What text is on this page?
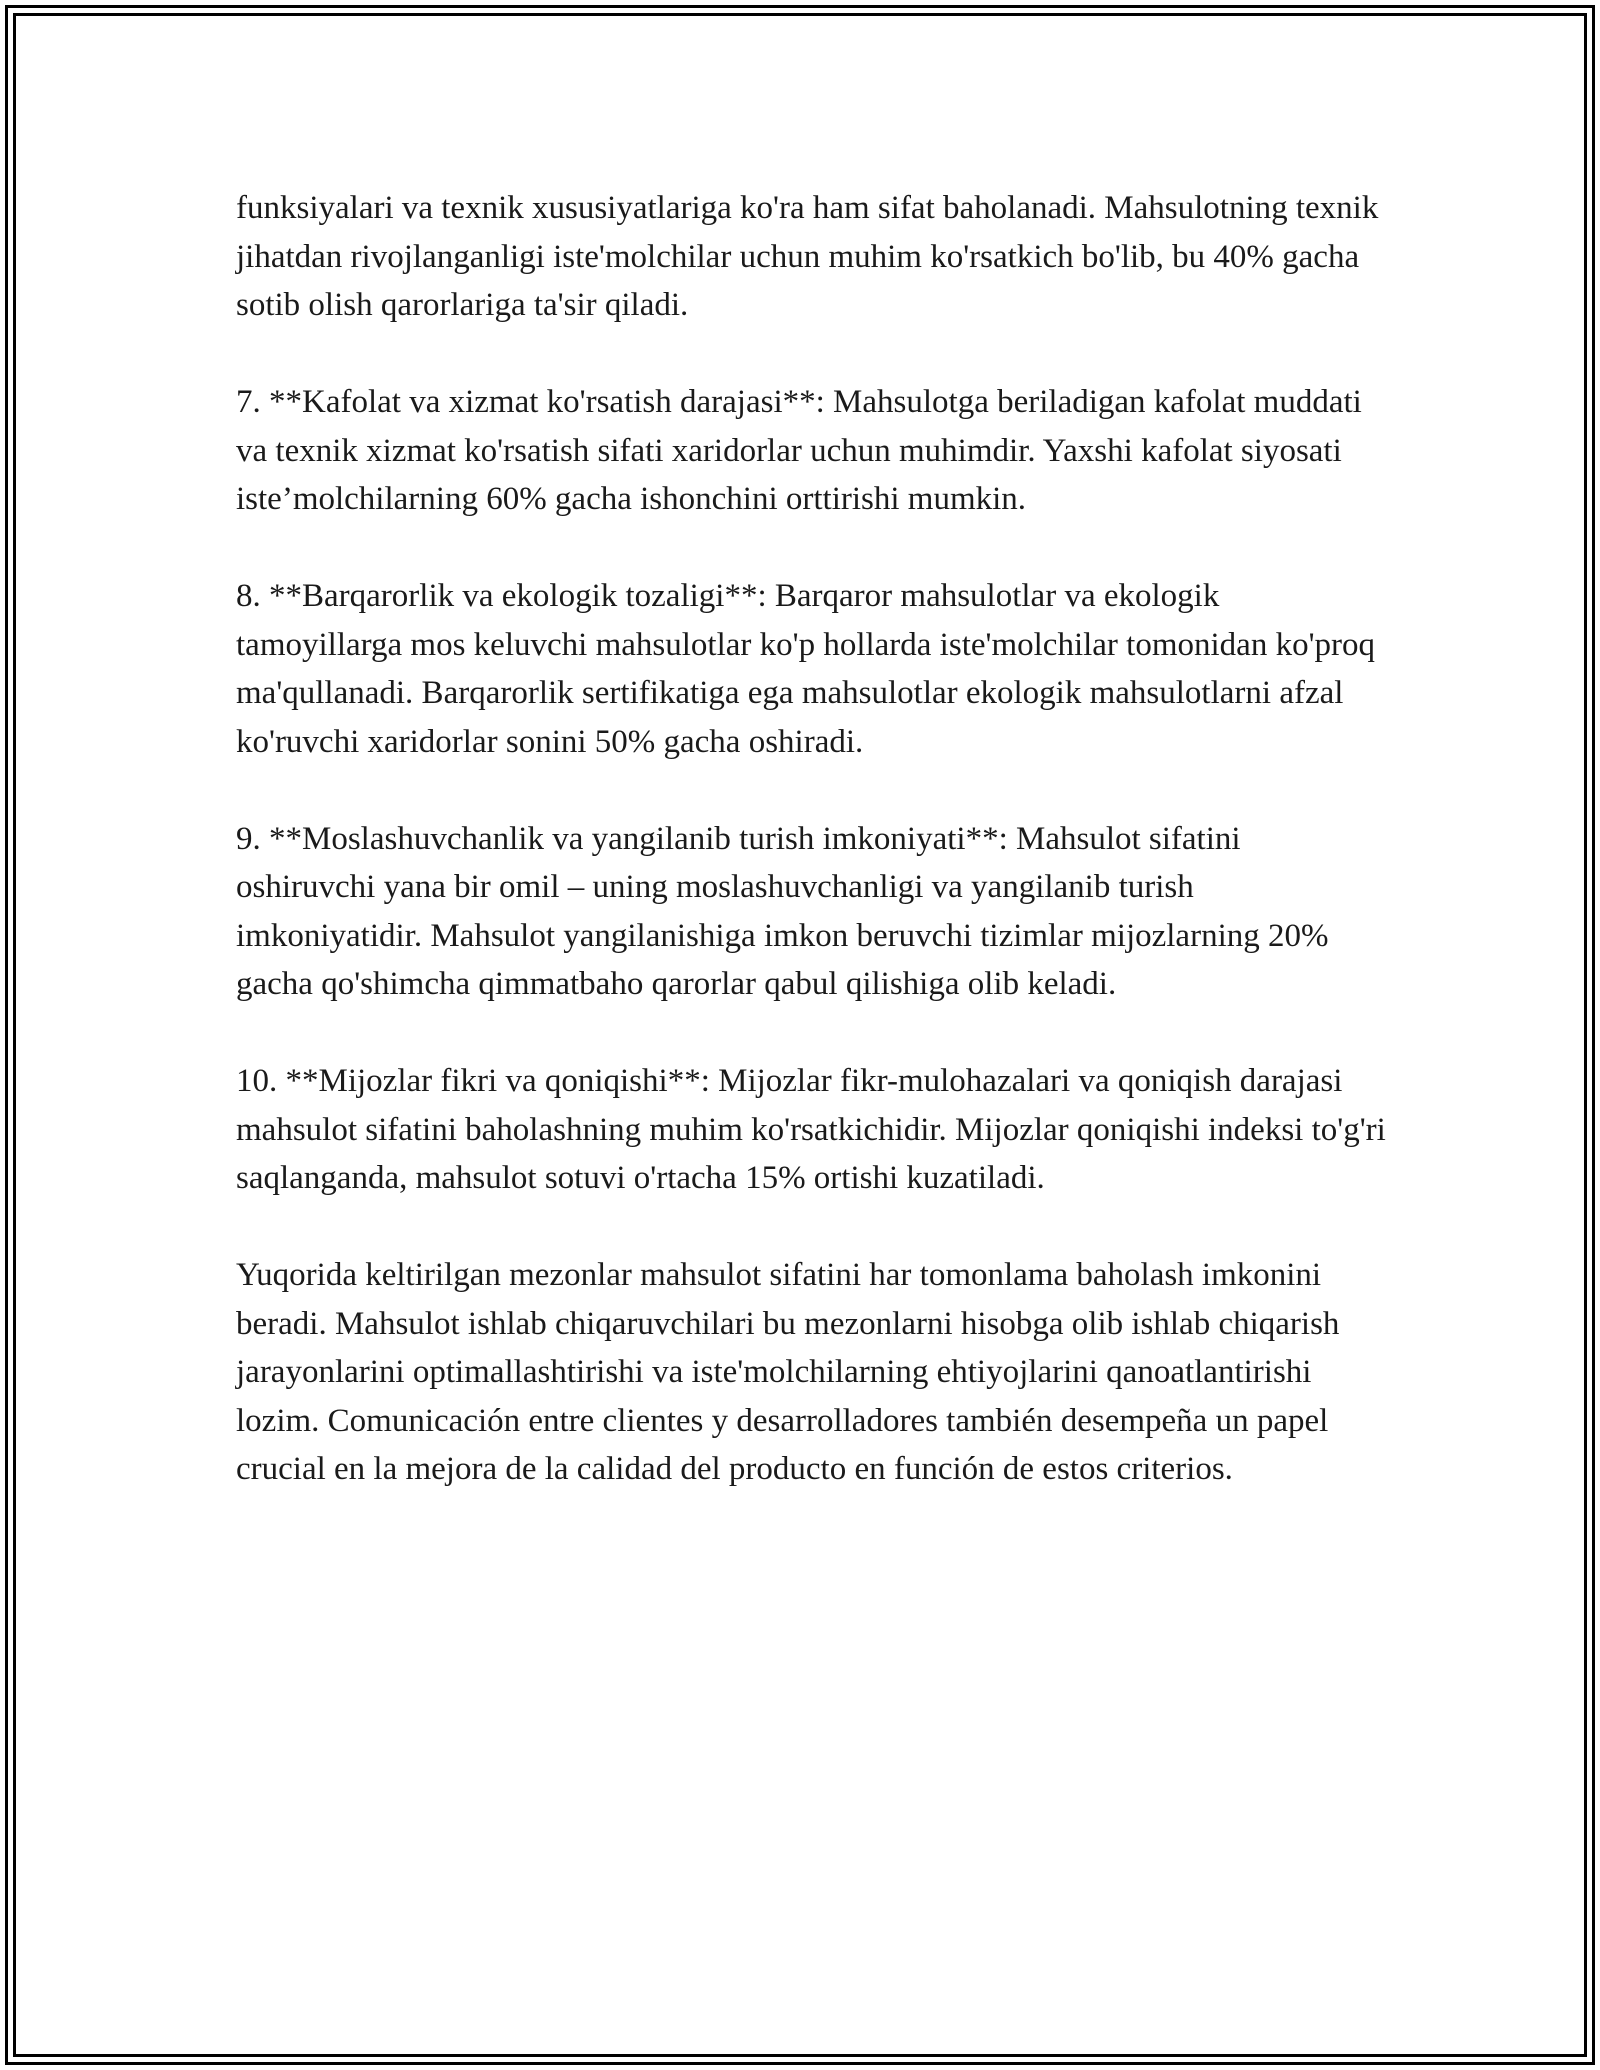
funksiyalari va texnik xususiyatlariga ko'ra ham sifat baholanadi. Mahsulotning texnik jihatdan rivojlanganligi iste'molchilar uchun muhim ko'rsatkich bo'lib, bu 40% gacha sotib olish qarorlariga ta'sir qiladi.

7. **Kafolat va xizmat ko'rsatish darajasi**: Mahsulotga beriladigan kafolat muddati va texnik xizmat ko'rsatish sifati xaridorlar uchun muhimdir. Yaxshi kafolat siyosati iste’molchilarning 60% gacha ishonchini orttirishi mumkin.

8. **Barqarorlik va ekologik tozaligi**: Barqaror mahsulotlar va ekologik tamoyillarga mos keluvchi mahsulotlar ko'p hollarda iste'molchilar tomonidan ko'proq ma'qullanadi. Barqarorlik sertifikatiga ega mahsulotlar ekologik mahsulotlarni afzal ko'ruvchi xaridorlar sonini 50% gacha oshiradi.

9. **Moslashuvchanlik va yangilanib turish imkoniyati**: Mahsulot sifatini oshiruvchi yana bir omil – uning moslashuvchanligi va yangilanib turish imkoniyatidir. Mahsulot yangilanishiga imkon beruvchi tizimlar mijozlarning 20% gacha qo'shimcha qimmatbaho qarorlar qabul qilishiga olib keladi.

10. **Mijozlar fikri va qoniqishi**: Mijozlar fikr-mulohazalari va qoniqish darajasi mahsulot sifatini baholashning muhim ko'rsatkichidir. Mijozlar qoniqishi indeksi to'g'ri saqlanganda, mahsulot sotuvi o'rtacha 15% ortishi kuzatiladi.

Yuqorida keltirilgan mezonlar mahsulot sifatini har tomonlama baholash imkonini beradi. Mahsulot ishlab chiqaruvchilari bu mezonlarni hisobga olib ishlab chiqarish jarayonlarini optimallashtirishi va iste'molchilarning ehtiyojlarini qanoatlantirishi lozim. Comunicación entre clientes y desarrolladores también desempeña un papel crucial en la mejora de la calidad del producto en función de estos criterios.
